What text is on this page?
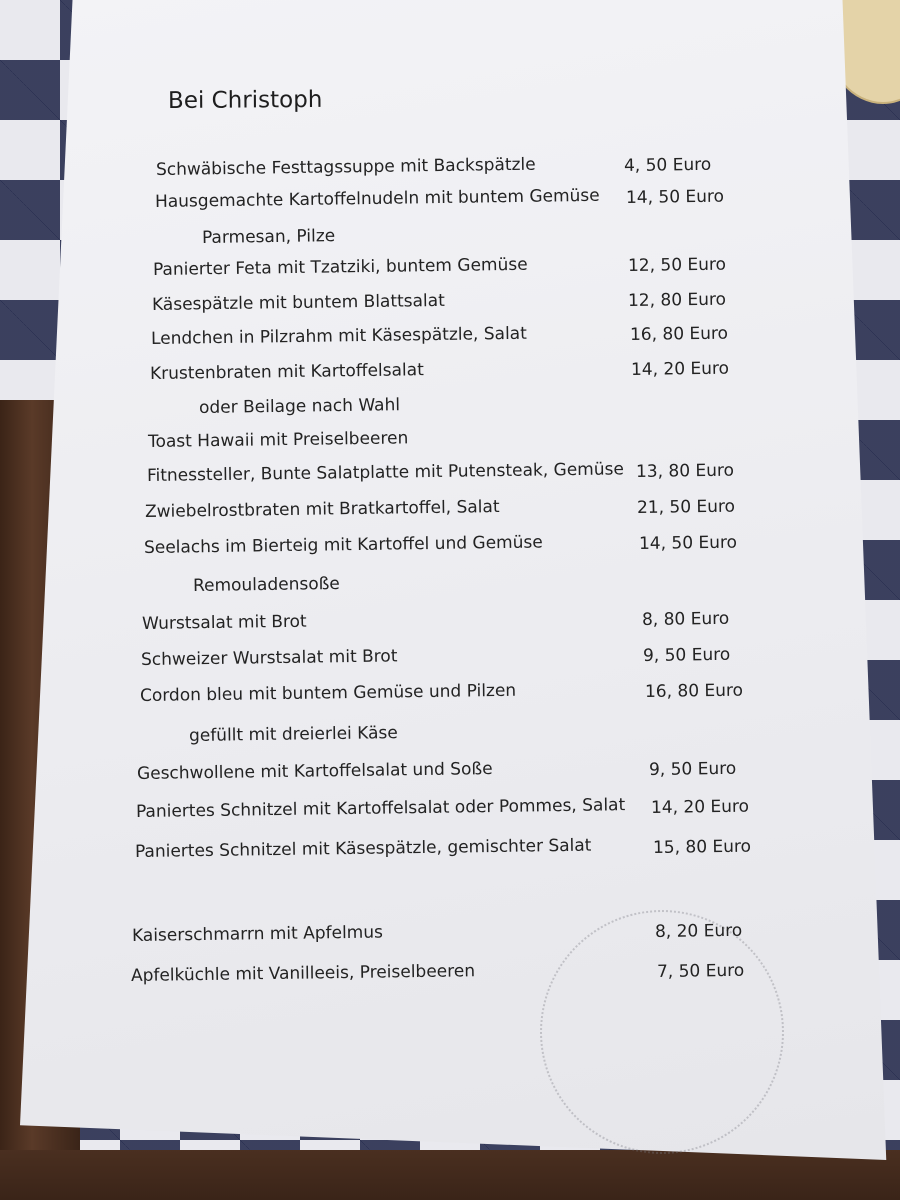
Bei Christoph
Schwäbische Festtagssuppe mit Backspätzle	4, 50 Euro
Hausgemachte Kartoffelnudeln mit buntem Gemüse 14, 50 Euro
Parmesan, Pilze
Panierter Feta mit Tzatziki, buntem Gemüse	12, 50 Euro
Käsespätzle mit buntem Blattsalat	12, 80 Euro
Lendchen in Pilzrahm mit Käsespätzle, Salat	16, 80 Euro
Krustenbraten mit Kartoffelsalat	14, 20 Euro
oder Beilage nach Wahl
Toast Hawaii mit Preiselbeeren
Fitnessteller, Bunte Salatplatte mit Putensteak, Gemüse 13, 80 Euro
Zwiebelrostbraten mit Bratkartoffel, Salat	21, 50 Euro
Seelachs im Bierteig mit Kartoffel und Gemüse	14, 50 Euro
Remouladensoße
Wurstsalat mit Brot	8, 80 Euro
Schweizer Wurstsalat mit Brot	9, 50 Euro
Cordon bleu mit buntem Gemüse und Pilzen	16, 80 Euro
gefüllt mit dreierlei Käse
Geschwollene mit Kartoffelsalat und Soße	9, 50 Euro
Paniertes Schnitzel mit Kartoffelsalat oder Pommes, Salat 14, 20 Euro
Paniertes Schnitzel mit Käsespätzle, gemischter Salat	15, 80 Euro
Kaiserschmarrn mit Apfelmus	8, 20 Euro
Apfelküchle mit Vanilleeis, Preiselbeeren	7, 50 Euro
